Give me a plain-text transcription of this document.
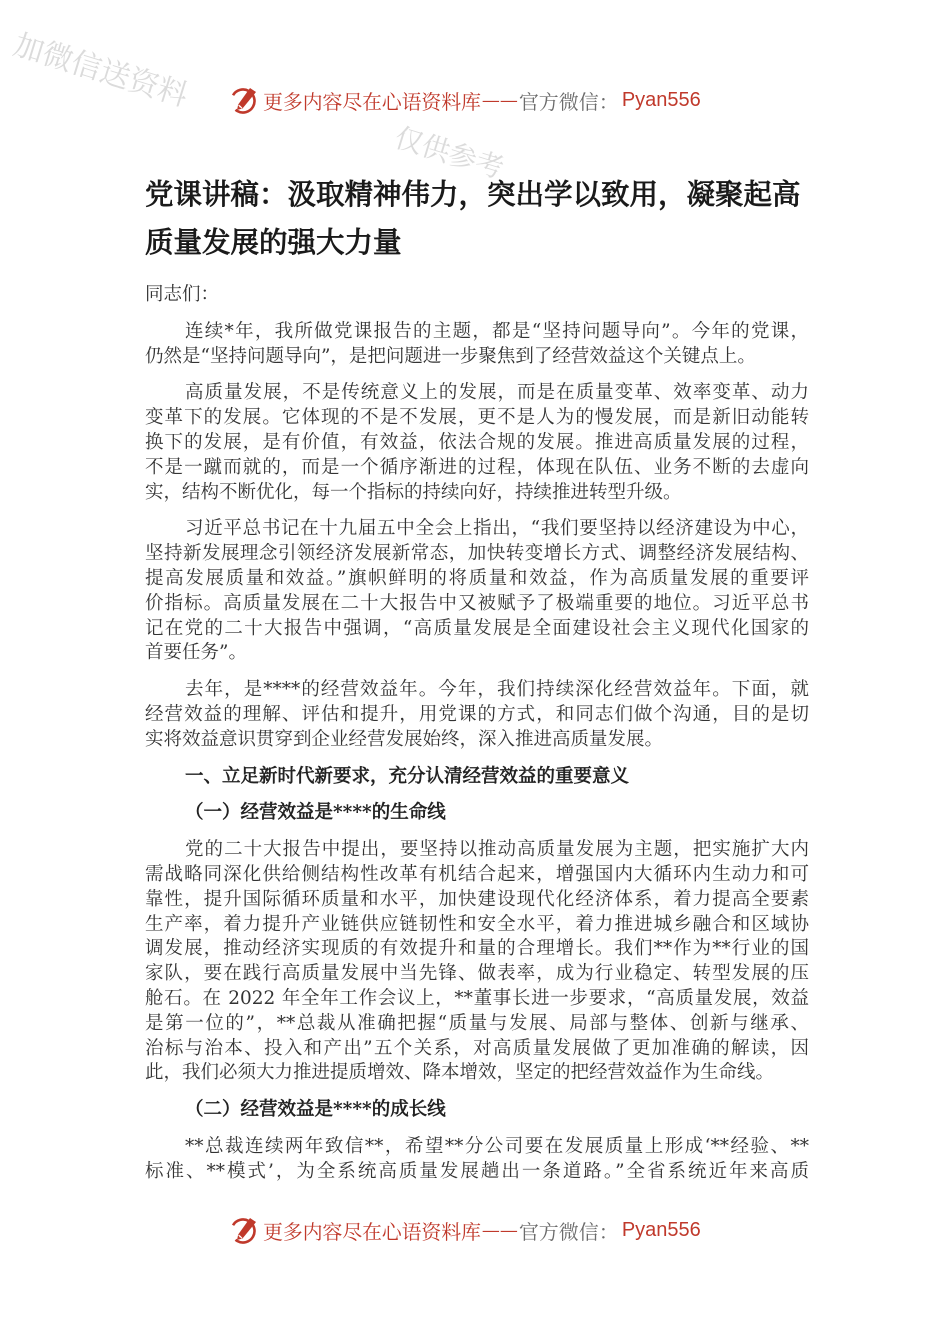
加微信送资料
仅供参考
更多内容尽在心语资料库 —— 官方微信： Pyan556
党课讲稿：汲取精神伟力，突出学以致用，凝聚起高
质量发展的强大力量
同志们：
连续*年，我所做党课报告的主题，都是“坚持问题导向”。今年的党课，
仍然是“坚持问题导向”，是把问题进一步聚焦到了经营效益这个关键点上。
高质量发展，不是传统意义上的发展，而是在质量变革、效率变革、动力
变革下的发展。它体现的不是不发展，更不是人为的慢发展，而是新旧动能转
换下的发展，是有价值，有效益，依法合规的发展。推进高质量发展的过程，
不是一蹴而就的，而是一个循序渐进的过程，体现在队伍、业务不断的去虚向
实，结构不断优化，每一个指标的持续向好，持续推进转型升级。
习近平总书记在十九届五中全会上指出，“我们要坚持以经济建设为中心，
坚持新发展理念引领经济发展新常态，加快转变增长方式、调整经济发展结构、
提高发展质量和效益。”旗帜鲜明的将质量和效益，作为高质量发展的重要评
价指标。高质量发展在二十大报告中又被赋予了极端重要的地位。习近平总书
记在党的二十大报告中强调，“高质量发展是全面建设社会主义现代化国家的
首要任务”。
去年，是****的经营效益年。今年，我们持续深化经营效益年。下面，就
经营效益的理解、评估和提升，用党课的方式，和同志们做个沟通，目的是切
实将效益意识贯穿到企业经营发展始终，深入推进高质量发展。
一、立足新时代新要求，充分认清经营效益的重要意义
（一）经营效益是****的生命线
党的二十大报告中提出，要坚持以推动高质量发展为主题，把实施扩大内
需战略同深化供给侧结构性改革有机结合起来，增强国内大循环内生动力和可
靠性，提升国际循环质量和水平，加快建设现代化经济体系，着力提高全要素
生产率，着力提升产业链供应链韧性和安全水平，着力推进城乡融合和区域协
调发展，推动经济实现质的有效提升和量的合理增长。我们**作为**行业的国
家队，要在践行高质量发展中当先锋、做表率，成为行业稳定、转型发展的压
舱石。在 2022 年全年工作会议上，**董事长进一步要求，“高质量发展，效益
是第一位的”，**总裁从准确把握“质量与发展、局部与整体、创新与继承、
治标与治本、投入和产出”五个关系，对高质量发展做了更加准确的解读，因
此，我们必须大力推进提质增效、降本增效，坚定的把经营效益作为生命线。
（二）经营效益是****的成长线
**总裁连续两年致信**，希望**分公司要在发展质量上形成‘**经验、**
标准、**模式’，为全系统高质量发展趟出一条道路。”全省系统近年来高质
更多内容尽在心语资料库 —— 官方微信： Pyan556
